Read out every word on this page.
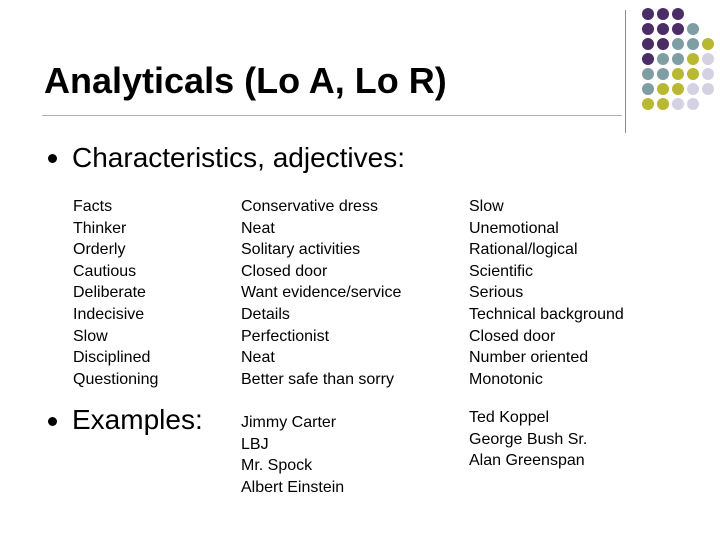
Analyticals (Lo A, Lo R)
Characteristics, adjectives:
Facts
Thinker
Orderly
Cautious
Deliberate
Indecisive
Slow
Disciplined
Questioning
Conservative dress
Neat
Solitary activities
Closed door
Want evidence/service
Details
Perfectionist
Neat
Better safe than sorry
Slow
Unemotional
Rational/logical
Scientific
Serious
Technical background
Closed door
Number oriented
Monotonic
Examples: Jimmy Carter
LBJ
Mr. Spock
Albert Einstein
Ted Koppel
George Bush Sr.
Alan Greenspan
